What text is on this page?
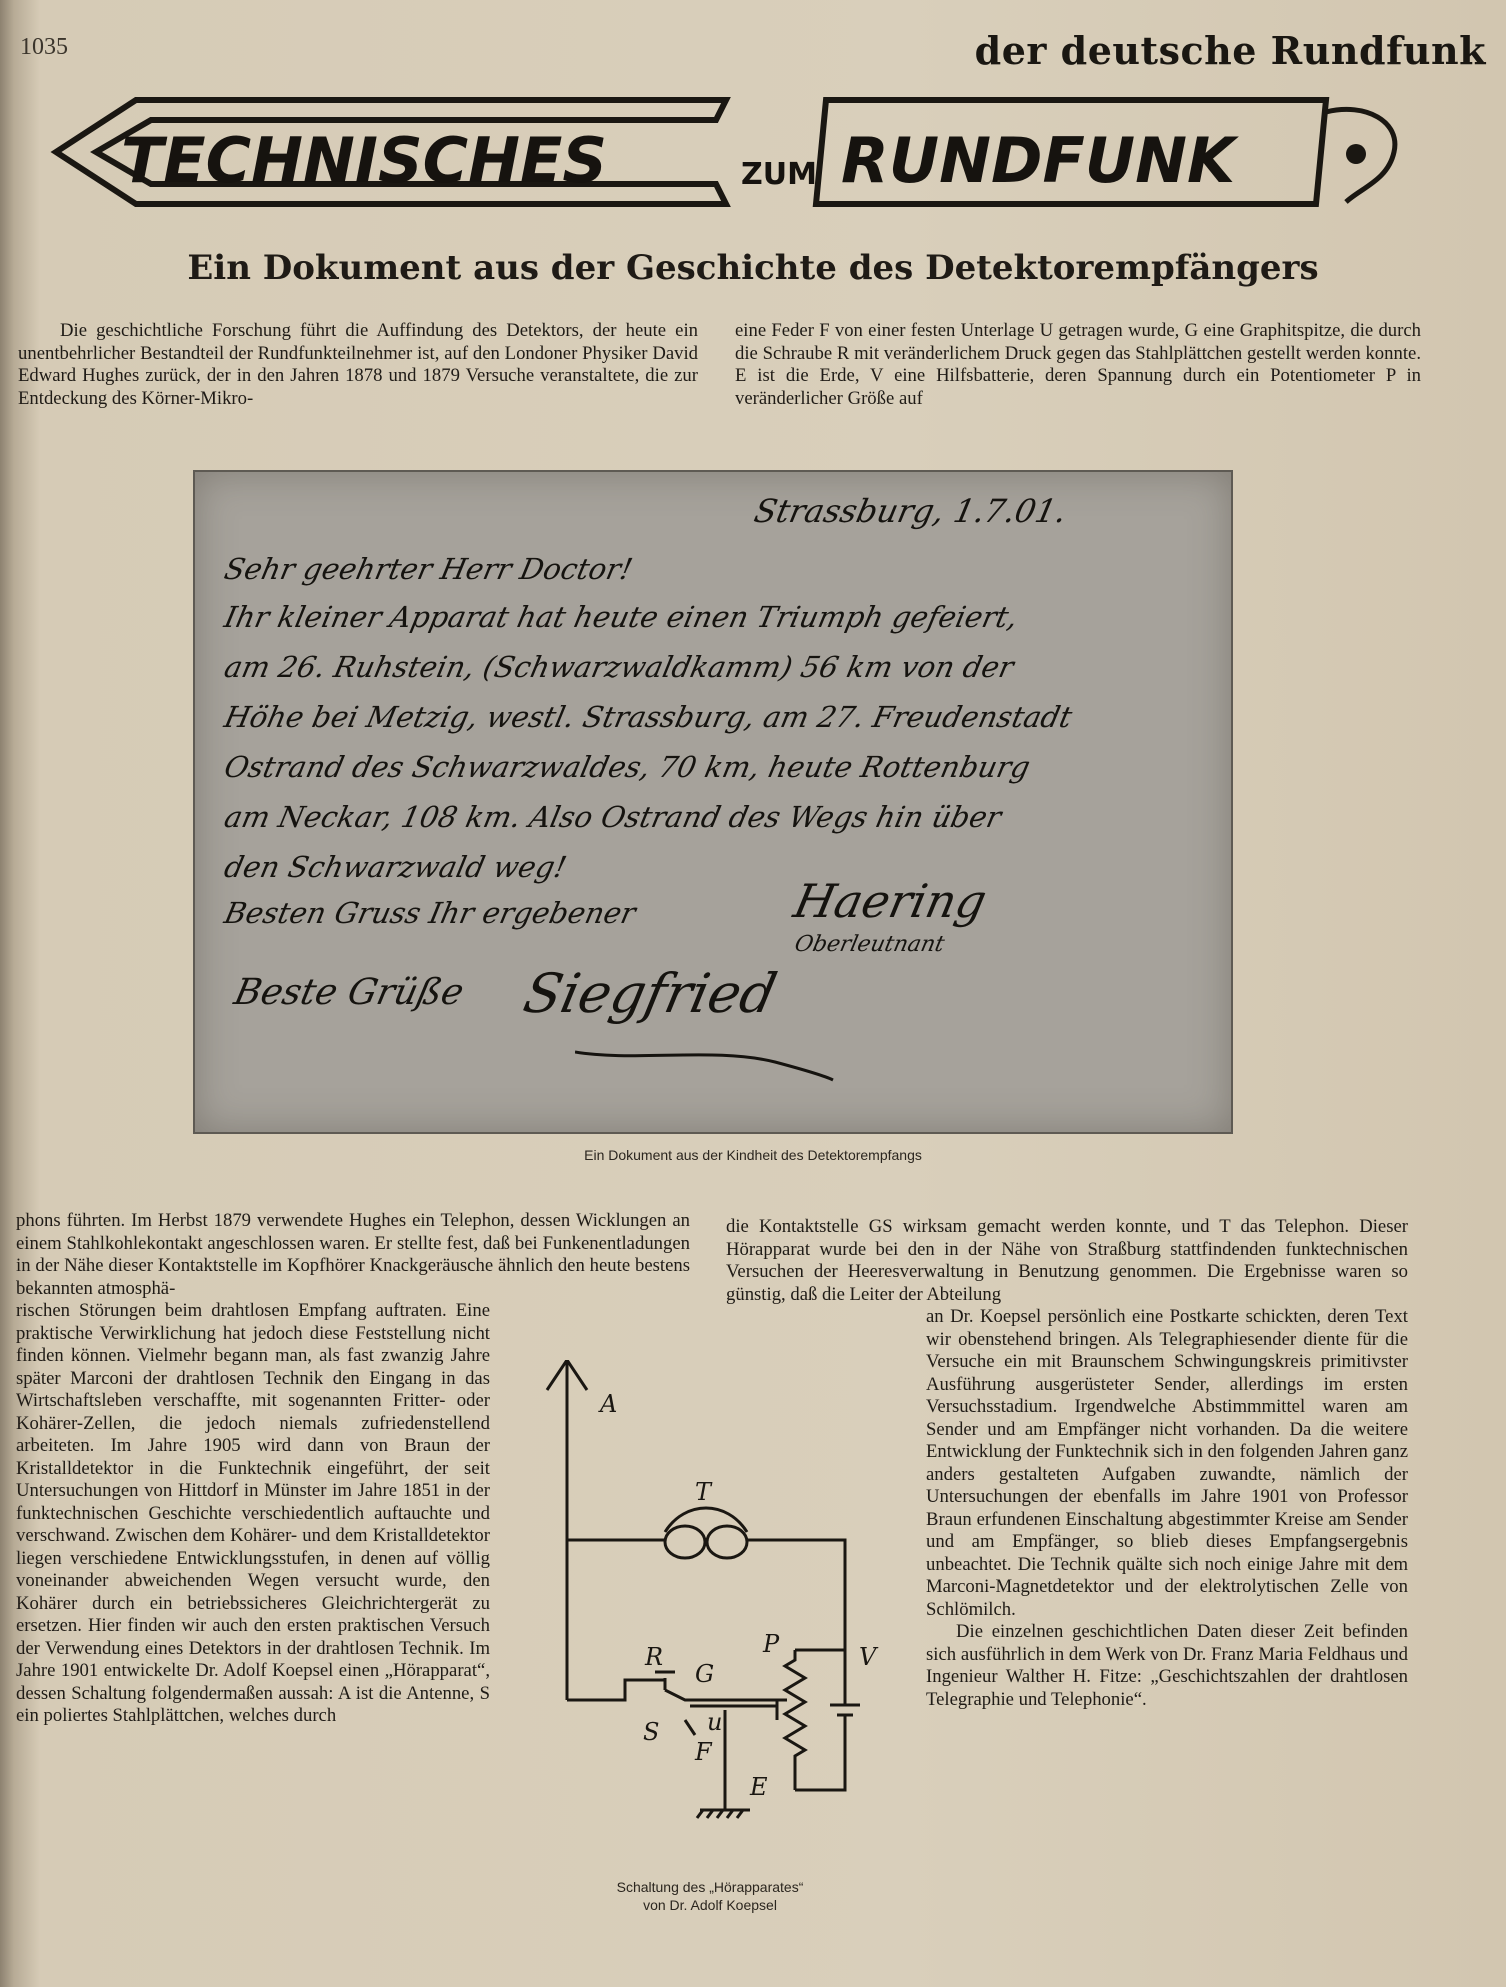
1035	der deutsche Rundfunk
TECHNISCHES	ZUM RUNDFUNK
Ein Dokument aus der Geschichte des Detektorempfängers
Die geschichtliche Forschung führt die Auffindung des Detektors, der heute ein unentbehrlicher Bestandteil der Rundfunkteilnehmer ist, auf den Londoner Physiker David Edward Hughes zurück, der in den Jahren 1878 und 1879 Versuche veranstaltete, die zur Entdeckung des Körner-Mikro-
eine Feder F von einer festen Unterlage U getragen wurde, G eine Graphitspitze, die durch die Schraube R mit veränderlichem Druck gegen das Stahlplättchen gestellt werden konnte. E ist die Erde, V eine Hilfsbatterie, deren Spannung durch ein Potentiometer P in veränderlicher Größe auf
Strassburg, 1.7.01.
Sehr geehrter Herr Doctor!
Ihr kleiner Apparat hat heute einen Triumph gefeiert,
am 26. Ruhstein, (Schwarzwaldkamm) 56 km von der
Höhe bei Metzig, westl. Strassburg, am 27. Freudenstadt
Ostrand des Schwarzwaldes, 70 km, heute Rottenburg
am Neckar, 108 km. Also Ostrand des Wegs hin über
den Schwarzwald weg!
Besten Gruss Ihr ergebener	Haering
Oberleutnant
Beste Grüße Siegfried
Ein Dokument aus der Kindheit des Detektorempfangs

phons führten. Im Herbst 1879 verwendete Hughes ein Telephon, dessen Wicklungen an einem Stahlkohlekontakt angeschlossen waren. Er stellte fest, daß bei Funkenentladungen in der Nähe dieser Kontaktstelle im Kopfhörer Knackgeräusche ähnlich den heute bestens bekannten atmosphä-

rischen Störungen beim drahtlosen Empfang auftraten. Eine praktische Verwirklichung hat jedoch diese Feststellung nicht finden können. Vielmehr begann man, als fast zwanzig Jahre später Marconi der drahtlosen Technik den Eingang in das Wirtschaftsleben verschaffte, mit sogenannten Fritter- oder Kohärer-Zellen, die jedoch niemals zufriedenstellend arbeiteten. Im Jahre 1905 wird dann von Braun der Kristalldetektor in die Funktechnik eingeführt, der seit Untersuchungen von Hittdorf in Münster im Jahre 1851 in der funktechnischen Geschichte verschiedentlich auftauchte und verschwand. Zwischen dem Kohärer- und dem Kristalldetektor liegen verschiedene Entwicklungsstufen, in denen auf völlig voneinander abweichenden Wegen versucht wurde, den Kohärer durch ein betriebssicheres Gleichrichtergerät zu ersetzen. Hier finden wir auch den ersten praktischen Versuch der Verwendung eines Detektors in der drahtlosen Technik. Im Jahre 1901 entwickelte Dr. Adolf Koepsel einen „Hörapparat“, dessen Schaltung folgendermaßen aussah: A ist die Antenne, S ein poliertes Stahlplättchen, welches durch

die Kontaktstelle GS wirksam gemacht werden konnte, und T das Telephon. Dieser Hörapparat wurde bei den in der Nähe von Straßburg stattfindenden funktechnischen Versuchen der Heeresverwaltung in Benutzung genommen. Die Ergebnisse waren so günstig, daß die Leiter der Abteilung

an Dr. Koepsel persönlich eine Postkarte schickten, deren Text wir obenstehend bringen. Als Telegraphiesender diente für die Versuche ein mit Braunschem Schwingungskreis primitivster Ausführung ausgerüsteter Sender, allerdings im ersten Versuchsstadium. Irgendwelche Abstimmmittel waren am Sender und am Empfänger nicht vorhanden. Da die weitere Entwicklung der Funktechnik sich in den folgenden Jahren ganz anders gestalteten Aufgaben zuwandte, nämlich der Untersuchungen der ebenfalls im Jahre 1901 von Professor Braun erfundenen Einschaltung abgestimmter Kreise am Sender und am Empfänger, so blieb dieses Empfangsergebnis unbeachtet. Die Technik quälte sich noch einige Jahre mit dem Marconi-Magnetdetektor und der elektrolytischen Zelle von Schlömilch.

Die einzelnen geschichtlichen Daten dieser Zeit befinden sich ausführlich in dem Werk von Dr. Franz Maria Feldhaus und Ingenieur Walther H. Fitze: „Geschichtszahlen der drahtlosen Telegraphie und Telephonie“.

A
T
P	V
R
G
S u
F
E
Schaltung des „Hörapparates“
von Dr. Adolf Koepsel
